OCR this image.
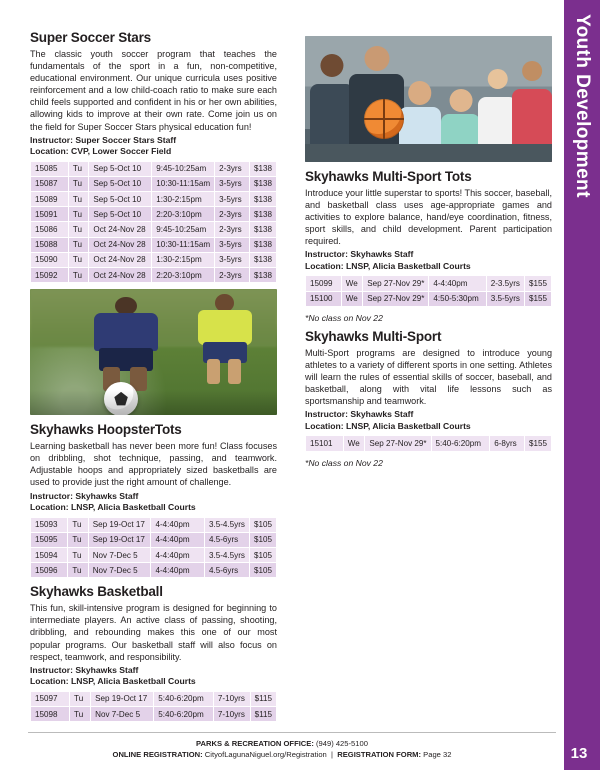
Super Soccer Stars

The classic youth soccer program that teaches the fundamentals of the sport in a fun, non-competitive, educational environment. Our unique curricula uses positive reinforcement and a low child-coach ratio to make sure each child feels supported and confident in his or her own abilities, allowing kids to improve at their own rate. Come join us on the field for Super Soccer Stars physical education fun!

Instructor: Super Soccer Stars Staff

Location: CVP, Lower Soccer Field

15085	Tu	Sep 5-Oct 10	9:45-10:25am	2-3yrs	$138
15087	Tu	Sep 5-Oct 10	10:30-11:15am	3-5yrs	$138
15089	Tu	Sep 5-Oct 10	1:30-2:15pm	3-5yrs	$138
15091	Tu	Sep 5-Oct 10	2:20-3:10pm	2-3yrs	$138
15086	Tu	Oct 24-Nov 28	9:45-10:25am	2-3yrs	$138
15088	Tu	Oct 24-Nov 28	10:30-11:15am	3-5yrs	$138
15090	Tu	Oct 24-Nov 28	1:30-2:15pm	3-5yrs	$138
15092	Tu	Oct 24-Nov 28	2:20-3:10pm	2-3yrs	$138
Skyhawks HoopsterTots

Learning basketball has never been more fun! Class focuses on dribbling, shot technique, passing, and teamwork. Adjustable hoops and appropriately sized basketballs are used to provide just the right amount of challenge.

Instructor: Skyhawks Staff

Location: LNSP, Alicia Basketball Courts

15093	Tu	Sep 19-Oct 17	4-4:40pm	3.5-4.5yrs	$105
15095	Tu	Sep 19-Oct 17	4-4:40pm	4.5-6yrs	$105
15094	Tu	Nov 7-Dec 5	4-4:40pm	3.5-4.5yrs	$105
15096	Tu	Nov 7-Dec 5	4-4:40pm	4.5-6yrs	$105
Skyhawks Basketball

This fun, skill-intensive program is designed for beginning to intermediate players. An active class of passing, shooting, dribbling, and rebounding makes this one of our most popular programs. Our basketball staff will also focus on respect, teamwork, and responsibility.

Instructor: Skyhawks Staff

Location: LNSP, Alicia Basketball Courts

15097	Tu	Sep 19-Oct 17	5:40-6:20pm	7-10yrs	$115
15098	Tu	Nov 7-Dec 5	5:40-6:20pm	7-10yrs	$115
Skyhawks Multi-Sport Tots

Introduce your little superstar to sports! This soccer, baseball, and basketball class uses age-appropriate games and activities to explore balance, hand/eye coordination, fitness, sport skills, and child development. Parent participation required.

Instructor: Skyhawks Staff

Location: LNSP, Alicia Basketball Courts

15099	We	Sep 27-Nov 29*	4-4:40pm	2-3.5yrs	$155
15100	We	Sep 27-Nov 29*	4:50-5:30pm	3.5-5yrs	$155

*No class on Nov 22

Skyhawks Multi-Sport

Multi-Sport programs are designed to introduce young athletes to a variety of different sports in one setting. Athletes will learn the rules of essential skills of soccer, baseball, and basketball, along with vital life lessons such as sportsmanship and teamwork.

Instructor: Skyhawks Staff

Location: LNSP, Alicia Basketball Courts

15101	We	Sep 27-Nov 29*	5:40-6:20pm	6-8yrs	$155

*No class on Nov 22

Youth Development
13
PARKS & RECREATION OFFICE: (949) 425-5100
ONLINE REGISTRATION: CityofLagunaNiguel.org/Registration | REGISTRATION FORM: Page 32
